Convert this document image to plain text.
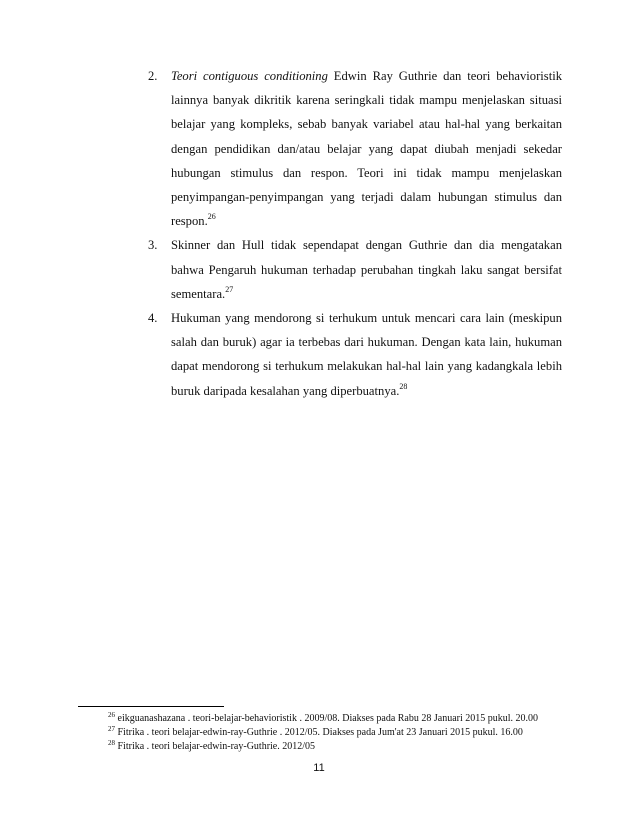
2. Teori contiguous conditioning Edwin Ray Guthrie dan teori behavioristik
lainnya banyak dikritik karena seringkali tidak mampu menjelaskan situasi
belajar yang kompleks, sebab banyak variabel atau hal-hal yang berkaitan
dengan pendidikan dan/atau belajar yang dapat diubah menjadi sekedar
hubungan stimulus dan respon. Teori ini tidak mampu menjelaskan
penyimpangan-penyimpangan yang terjadi dalam hubungan stimulus dan
respon.$^{26}$
3. Skinner dan Hull tidak sependapat dengan Guthrie dan dia mengatakan
bahwa Pengaruh hukuman terhadap perubahan tingkah laku sangat bersifat
sementara.$^{27}$
4. Hukuman yang mendorong si terhukum untuk mencari cara lain (meskipun
salah dan buruk) agar ia terbebas dari hukuman. Dengan kata lain, hukuman
dapat mendorong si terhukum melakukan hal-hal lain yang kadangkala lebih
buruk daripada kesalahan yang diperbuatnya.$^{28}$
$^{26}$ eikguanashazana . teori-belajar-behavioristik . 2009/08. Diakses pada Rabu 28 Januari 2015 pukul. 20.00
$^{27}$ Fitrika . teori belajar-edwin-ray-Guthrie . 2012/05. Diakses pada Jum'at 23 Januari 2015 pukul. 16.00
$^{28}$ Fitrika . teori belajar-edwin-ray-Guthrie. 2012/05
11
